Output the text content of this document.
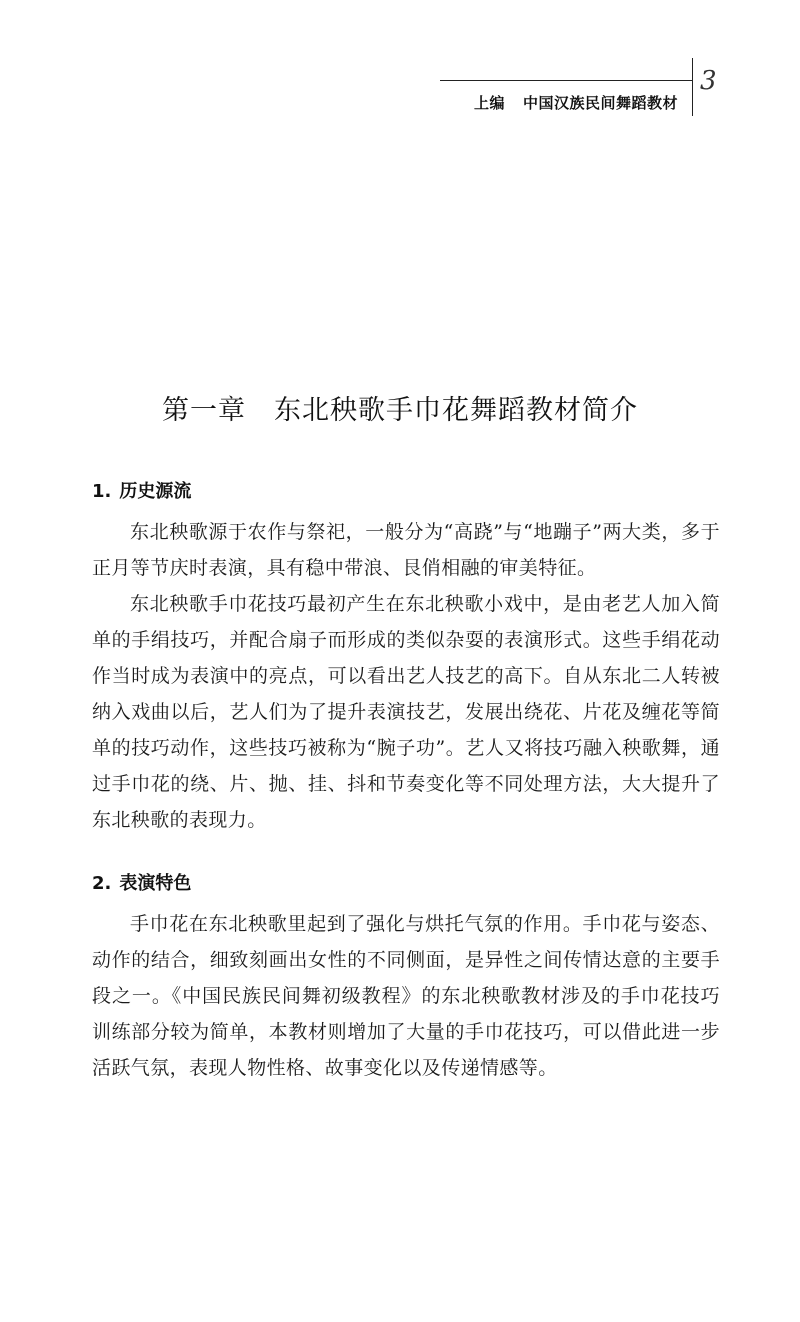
上编 中国汉族民间舞蹈教材
3
第一章 东北秧歌手巾花舞蹈教材简介
1. 历史源流

东北秧歌源于农作与祭祀，一般分为“高跷”与“地蹦子”两大类，多于正月等节庆时表演，具有稳中带浪、艮俏相融的审美特征。

东北秧歌手巾花技巧最初产生在东北秧歌小戏中，是由老艺人加入简单的手绢技巧，并配合扇子而形成的类似杂耍的表演形式。这些手绢花动作当时成为表演中的亮点，可以看出艺人技艺的高下。自从东北二人转被纳入戏曲以后，艺人们为了提升表演技艺，发展出绕花、片花及缠花等简单的技巧动作，这些技巧被称为“腕子功”。艺人又将技巧融入秧歌舞，通过手巾花的绕、片、抛、挂、抖和节奏变化等不同处理方法，大大提升了东北秧歌的表现力。

2. 表演特色

手巾花在东北秧歌里起到了强化与烘托气氛的作用。手巾花与姿态、动作的结合，细致刻画出女性的不同侧面，是异性之间传情达意的主要手段之一。《中国民族民间舞初级教程》的东北秧歌教材涉及的手巾花技巧训练部分较为简单，本教材则增加了大量的手巾花技巧，可以借此进一步活跃气氛，表现人物性格、故事变化以及传递情感等。
